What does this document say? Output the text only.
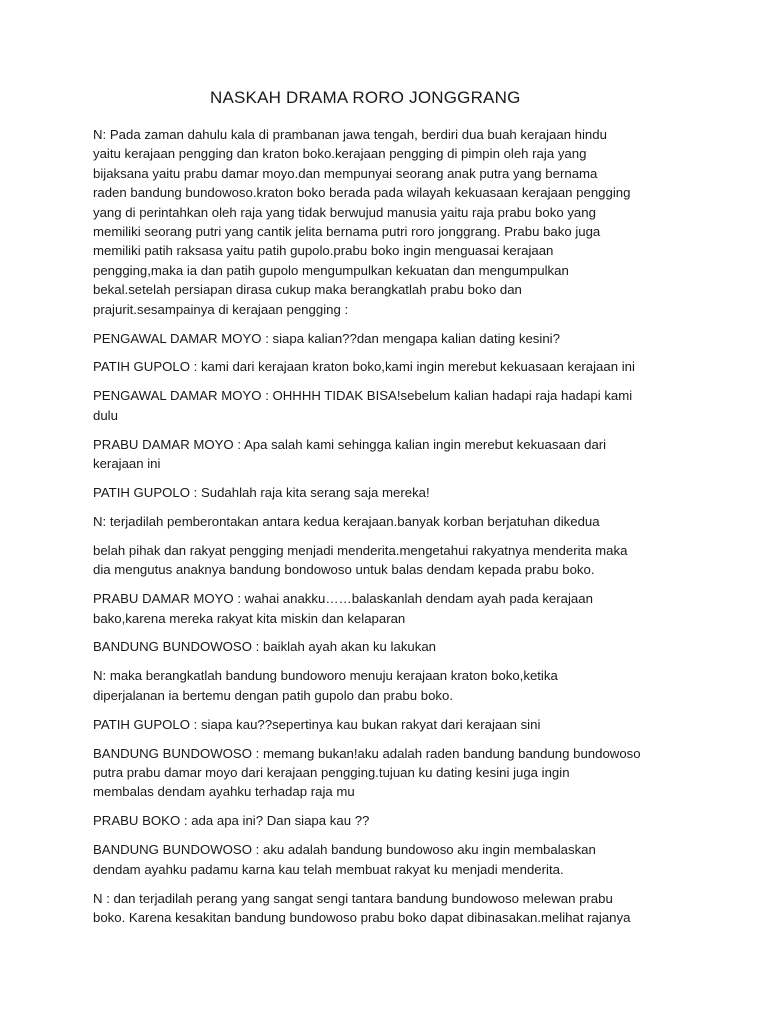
NASKAH DRAMA RORO JONGGRANG

N: Pada zaman dahulu kala di prambanan jawa tengah, berdiri dua buah kerajaan hindu
yaitu kerajaan pengging dan kraton boko.kerajaan pengging di pimpin oleh raja yang
bijaksana yaitu prabu damar moyo.dan mempunyai seorang anak putra yang bernama
raden bandung bundowoso.kraton boko berada pada wilayah kekuasaan kerajaan pengging
yang di perintahkan oleh raja yang tidak berwujud manusia yaitu raja prabu boko yang
memiliki seorang putri yang cantik jelita bernama putri roro jonggrang. Prabu bako juga
memiliki patih raksasa yaitu patih gupolo.prabu boko ingin menguasai kerajaan
pengging,maka ia dan patih gupolo mengumpulkan kekuatan dan mengumpulkan
bekal.setelah persiapan dirasa cukup maka berangkatlah prabu boko dan
prajurit.sesampainya di kerajaan pengging :

PENGAWAL DAMAR MOYO : siapa kalian??dan mengapa kalian dating kesini?

PATIH GUPOLO : kami dari kerajaan kraton boko,kami ingin merebut kekuasaan kerajaan ini

PENGAWAL DAMAR MOYO : OHHHH TIDAK BISA!sebelum kalian hadapi raja hadapi kami
dulu

PRABU DAMAR MOYO : Apa salah kami sehingga kalian ingin merebut kekuasaan dari
kerajaan ini

PATIH GUPOLO : Sudahlah raja kita serang saja mereka!

N: terjadilah pemberontakan antara kedua kerajaan.banyak korban berjatuhan dikedua

belah pihak dan rakyat pengging menjadi menderita.mengetahui rakyatnya menderita maka
dia mengutus anaknya bandung bondowoso untuk balas dendam kepada prabu boko.

PRABU DAMAR MOYO : wahai anakku……balaskanlah dendam ayah pada kerajaan
bako,karena mereka rakyat kita miskin dan kelaparan

BANDUNG BUNDOWOSO : baiklah ayah akan ku lakukan

N: maka berangkatlah bandung bundoworo menuju kerajaan kraton boko,ketika
diperjalanan ia bertemu dengan patih gupolo dan prabu boko.

PATIH GUPOLO : siapa kau??sepertinya kau bukan rakyat dari kerajaan sini

BANDUNG BUNDOWOSO : memang bukan!aku adalah raden bandung bandung bundowoso
putra prabu damar moyo dari kerajaan pengging.tujuan ku dating kesini juga ingin
membalas dendam ayahku terhadap raja mu

PRABU BOKO : ada apa ini? Dan siapa kau ??

BANDUNG BUNDOWOSO : aku adalah bandung bundowoso aku ingin membalaskan
dendam ayahku padamu karna kau telah membuat rakyat ku menjadi menderita.

N : dan terjadilah perang yang sangat sengi tantara bandung bundowoso melewan prabu
boko. Karena kesakitan bandung bundowoso prabu boko dapat dibinasakan.melihat rajanya
